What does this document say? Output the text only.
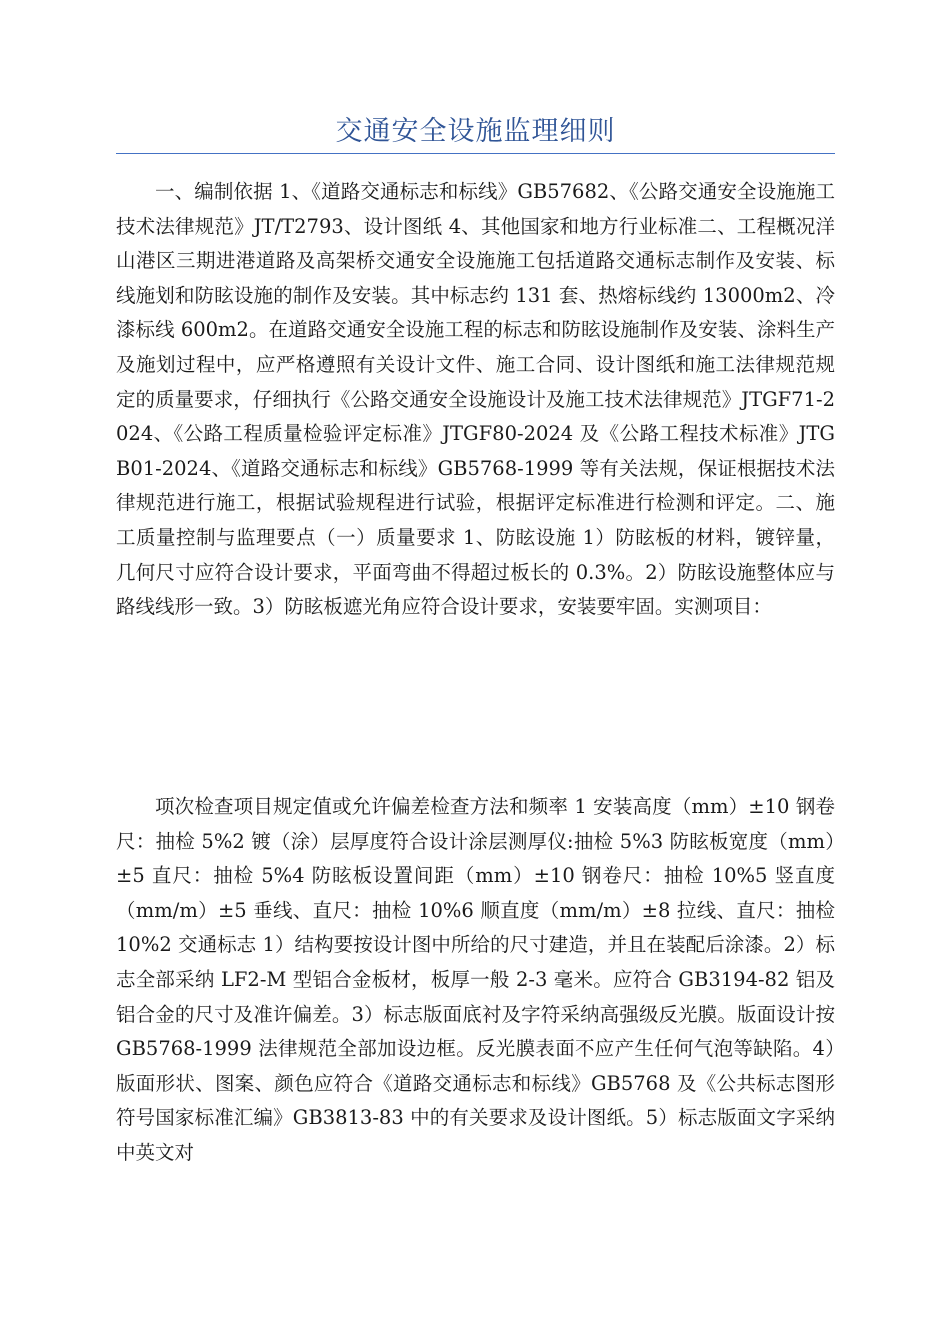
交通安全设施监理细则

一、编制依据 1、《道路交通标志和标线》GB57682、《公路交通安全设施施工技术法律规范》JT/T2793、设计图纸 4、其他国家和地方行业标准二、工程概况洋山港区三期进港道路及高架桥交通安全设施施工包括道路交通标志制作及安装、标线施划和防眩设施的制作及安装。其中标志约 131 套、热熔标线约 13000m2、冷漆标线 600m2。在道路交通安全设施工程的标志和防眩设施制作及安装、涂料生产及施划过程中，应严格遵照有关设计文件、施工合同、设计图纸和施工法律规范规定的质量要求，仔细执行《公路交通安全设施设计及施工技术法律规范》JTGF71-2024、《公路工程质量检验评定标准》JTGF80-2024 及《公路工程技术标准》JTGB01-2024、《道路交通标志和标线》GB5768-1999 等有关法规，保证根据技术法律规范进行施工，根据试验规程进行试验，根据评定标准进行检测和评定。二、施工质量控制与监理要点（一）质量要求 1、防眩设施 1）防眩板的材料，镀锌量，几何尺寸应符合设计要求，平面弯曲不得超过板长的 0.3%。2）防眩设施整体应与路线线形一致。3）防眩板遮光角应符合设计要求，安装要牢固。实测项目：

项次检查项目规定值或允许偏差检查方法和频率 1 安装高度（mm）±10 钢卷尺：抽检 5%2 镀（涂）层厚度符合设计涂层测厚仪:抽检 5%3 防眩板宽度（mm）±5 直尺：抽检 5%4 防眩板设置间距（mm）±10 钢卷尺：抽检 10%5 竖直度（mm/m）±5 垂线、直尺：抽检 10%6 顺直度（mm/m）±8 拉线、直尺：抽检 10%2 交通标志 1）结构要按设计图中所给的尺寸建造，并且在装配后涂漆。2）标志全部采纳 LF2-M 型铝合金板材，板厚一般 2-3 毫米。应符合 GB3194-82 铝及铝合金的尺寸及准许偏差。3）标志版面底衬及字符采纳高强级反光膜。版面设计按 GB5768-1999 法律规范全部加设边框。反光膜表面不应产生任何气泡等缺陷。4）版面形状、图案、颜色应符合《道路交通标志和标线》GB5768 及《公共标志图形符号国家标准汇编》GB3813-83 中的有关要求及设计图纸。5）标志版面文字采纳中英文对
